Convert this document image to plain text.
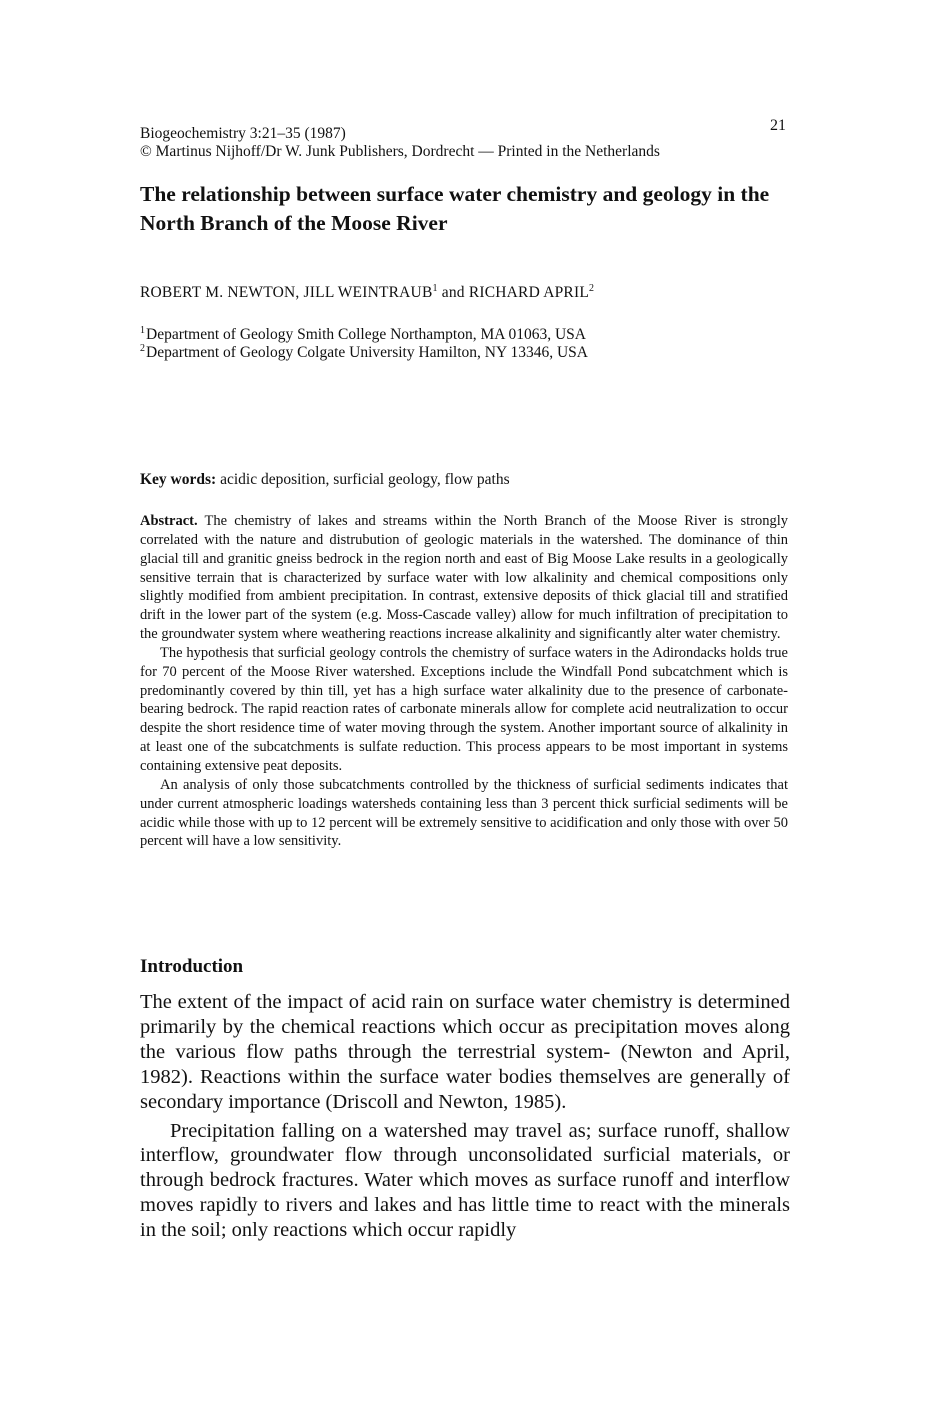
21
Biogeochemistry 3:21–35 (1987)
© Martinus Nijhoff/Dr W. Junk Publishers, Dordrecht — Printed in the Netherlands
The relationship between surface water chemistry and geology in the North Branch of the Moose River
ROBERT M. NEWTON, JILL WEINTRAUB$^1$ and RICHARD APRIL$^2$
$^1$Department of Geology Smith College Northampton, MA 01063, USA
$^2$Department of Geology Colgate University Hamilton, NY 13346, USA
Key words: acidic deposition, surficial geology, flow paths

Abstract. The chemistry of lakes and streams within the North Branch of the Moose River is strongly correlated with the nature and distrubution of geologic materials in the watershed. The dominance of thin glacial till and granitic gneiss bedrock in the region north and east of Big Moose Lake results in a geologically sensitive terrain that is characterized by surface water with low alkalinity and chemical compositions only slightly modified from ambient precipitation. In contrast, extensive deposits of thick glacial till and stratified drift in the lower part of the system (e.g. Moss-Cascade valley) allow for much infiltration of precipitation to the groundwater system where weathering reactions increase alkalinity and significantly alter water chemistry.

The hypothesis that surficial geology controls the chemistry of surface waters in the Adirondacks holds true for 70 percent of the Moose River watershed. Exceptions include the Windfall Pond subcatchment which is predominantly covered by thin till, yet has a high surface water alkalinity due to the presence of carbonate-bearing bedrock. The rapid reaction rates of carbonate minerals allow for complete acid neutralization to occur despite the short residence time of water moving through the system. Another important source of alkalinity in at least one of the subcatchments is sulfate reduction. This process appears to be most important in systems containing extensive peat deposits.

An analysis of only those subcatchments controlled by the thickness of surficial sediments indicates that under current atmospheric loadings watersheds containing less than 3 percent thick surficial sediments will be acidic while those with up to 12 percent will be extremely sensitive to acidification and only those with over 50 percent will have a low sensitivity.

Introduction

The extent of the impact of acid rain on surface water chemistry is determined primarily by the chemical reactions which occur as precipitation moves along the various flow paths through the terrestrial system- (Newton and April, 1982). Reactions within the surface water bodies themselves are generally of secondary importance (Driscoll and Newton, 1985).

Precipitation falling on a watershed may travel as; surface runoff, shallow interflow, groundwater flow through unconsolidated surficial materials, or through bedrock fractures. Water which moves as surface runoff and interflow moves rapidly to rivers and lakes and has little time to react with the minerals in the soil; only reactions which occur rapidly
